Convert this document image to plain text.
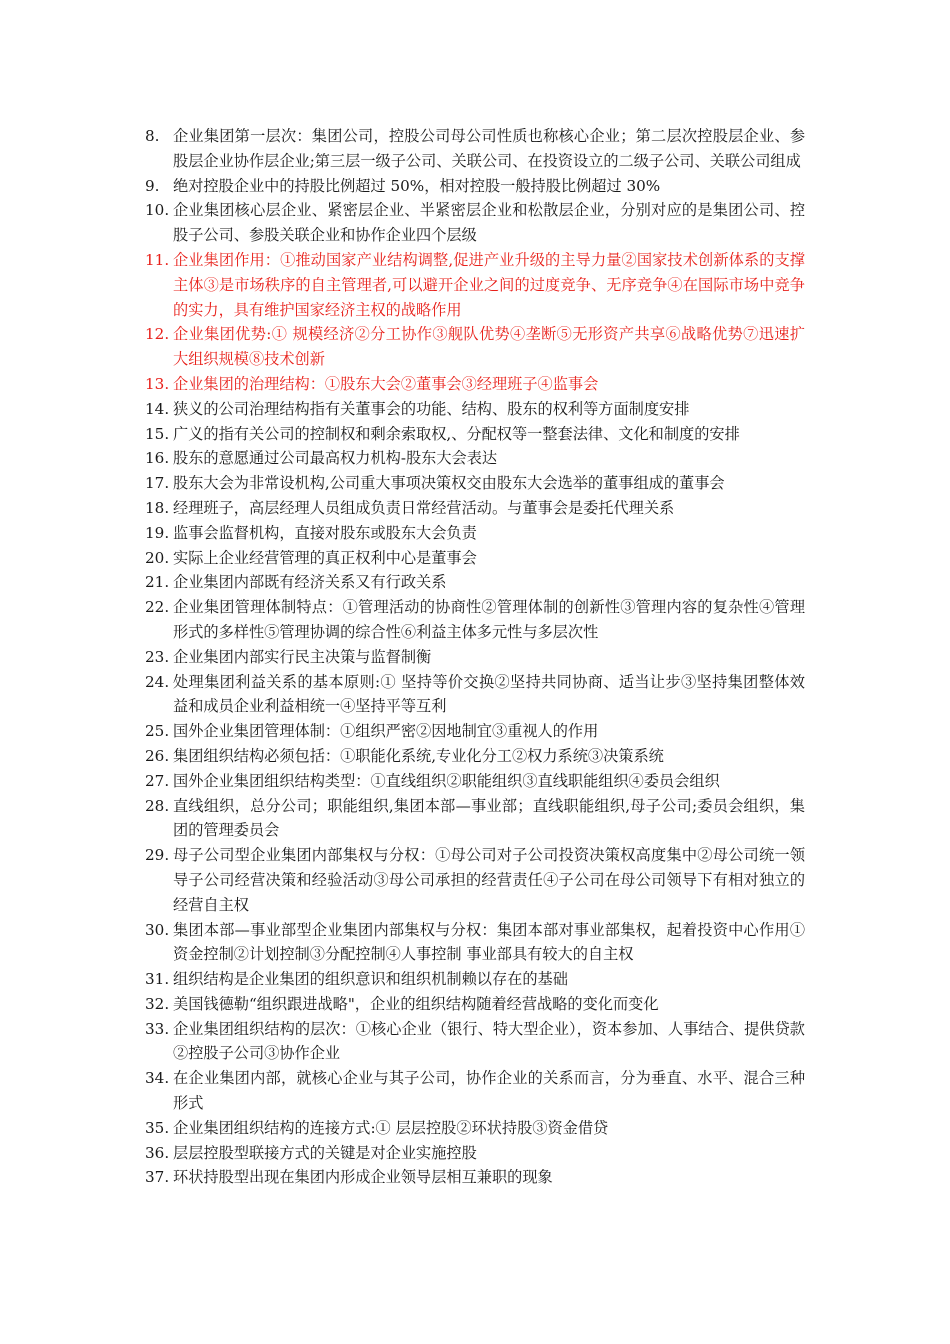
8. 企业集团第一层次：集团公司，控股公司母公司性质也称核心企业；第二层次控股层企业、参股层企业协作层企业;第三层一级子公司、关联公司、在投资设立的二级子公司、关联公司组成
9. 绝对控股企业中的持股比例超过 50%，相对控股一般持股比例超过 30%
10. 企业集团核心层企业、紧密层企业、半紧密层企业和松散层企业，分别对应的是集团公司、控股子公司、参股关联企业和协作企业四个层级
11. 企业集团作用：①推动国家产业结构调整,促进产业升级的主导力量②国家技术创新体系的支撑主体③是市场秩序的自主管理者,可以避开企业之间的过度竞争、无序竞争④在国际市场中竞争的实力，具有维护国家经济主权的战略作用
12. 企业集团优势:① 规模经济②分工协作③舰队优势④垄断⑤无形资产共享⑥战略优势⑦迅速扩大组织规模⑧技术创新
13. 企业集团的治理结构：①股东大会②董事会③经理班子④监事会
14. 狭义的公司治理结构指有关董事会的功能、结构、股东的权利等方面制度安排
15. 广义的指有关公司的控制权和剩余索取权,、分配权等一整套法律、文化和制度的安排
16. 股东的意愿通过公司最高权力机构-股东大会表达
17. 股东大会为非常设机构,公司重大事项决策权交由股东大会选举的董事组成的董事会
18. 经理班子，高层经理人员组成负责日常经营活动。与董事会是委托代理关系
19. 监事会监督机构，直接对股东或股东大会负责
20. 实际上企业经营管理的真正权利中心是董事会
21. 企业集团内部既有经济关系又有行政关系
22. 企业集团管理体制特点：①管理活动的协商性②管理体制的创新性③管理内容的复杂性④管理形式的多样性⑤管理协调的综合性⑥利益主体多元性与多层次性
23. 企业集团内部实行民主决策与监督制衡
24. 处理集团利益关系的基本原则:① 坚持等价交换②坚持共同协商、适当让步③坚持集团整体效益和成员企业利益相统一④坚持平等互利
25. 国外企业集团管理体制：①组织严密②因地制宜③重视人的作用
26. 集团组织结构必须包括：①职能化系统,专业化分工②权力系统③决策系统
27. 国外企业集团组织结构类型：①直线组织②职能组织③直线职能组织④委员会组织
28. 直线组织，总分公司；职能组织,集团本部—事业部；直线职能组织,母子公司;委员会组织，集团的管理委员会
29. 母子公司型企业集团内部集权与分权：①母公司对子公司投资决策权高度集中②母公司统一领导子公司经营决策和经验活动③母公司承担的经营责任④子公司在母公司领导下有相对独立的经营自主权
30. 集团本部—事业部型企业集团内部集权与分权：集团本部对事业部集权，起着投资中心作用①资金控制②计划控制③分配控制④人事控制 事业部具有较大的自主权
31. 组织结构是企业集团的组织意识和组织机制赖以存在的基础
32. 美国钱德勒“组织跟进战略"，企业的组织结构随着经营战略的变化而变化
33. 企业集团组织结构的层次：①核心企业（银行、特大型企业），资本参加、人事结合、提供贷款②控股子公司③协作企业
34. 在企业集团内部，就核心企业与其子公司，协作企业的关系而言，分为垂直、水平、混合三种形式
35. 企业集团组织结构的连接方式:① 层层控股②环状持股③资金借贷
36. 层层控股型联接方式的关键是对企业实施控股
37. 环状持股型出现在集团内形成企业领导层相互兼职的现象
